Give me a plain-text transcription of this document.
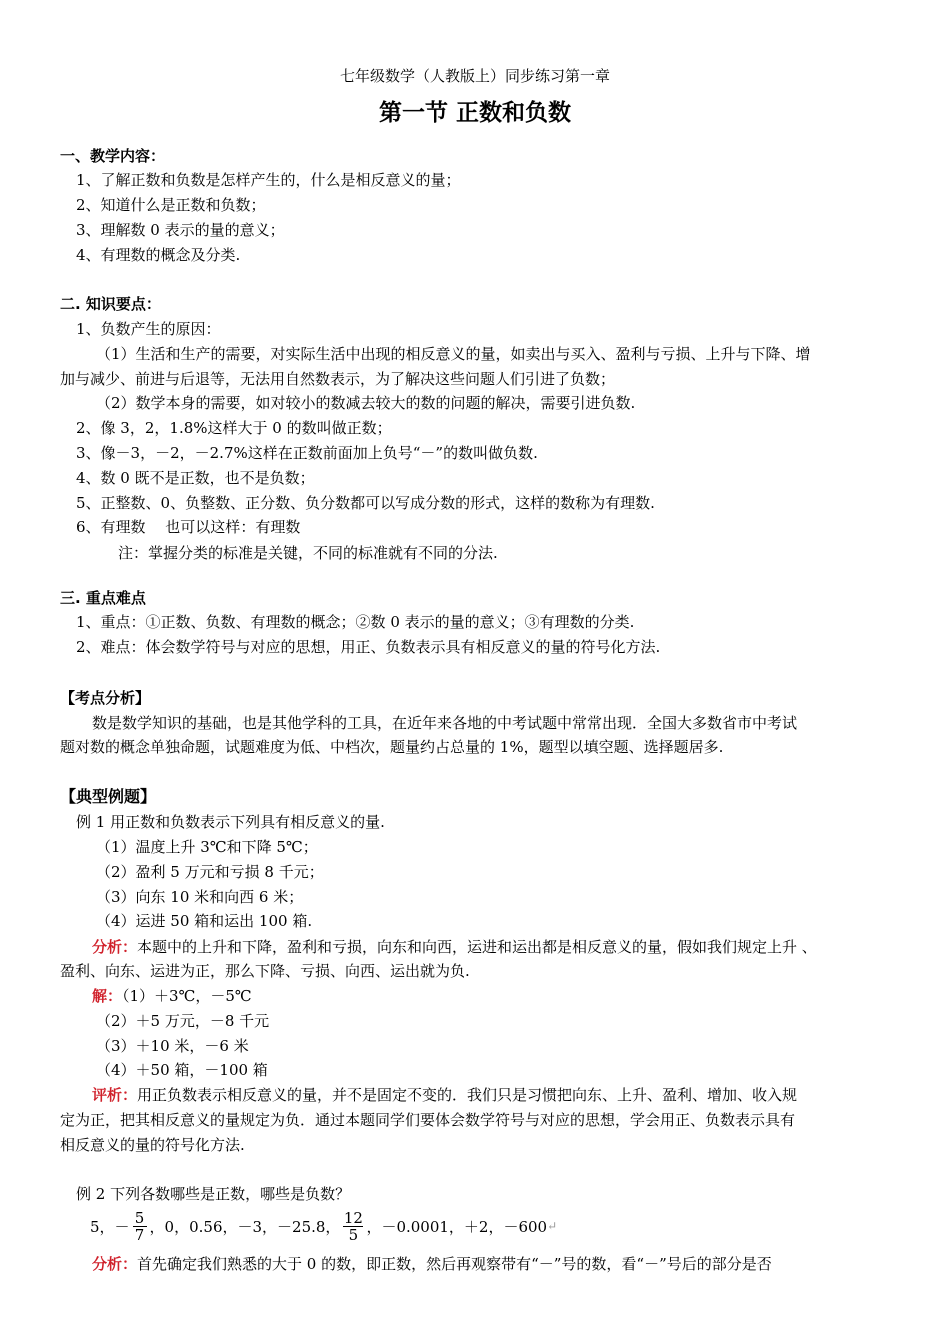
七年级数学（人教版上）同步练习第一章
第一节 正数和负数
一、教学内容：
1、了解正数和负数是怎样产生的，什么是相反意义的量；
2、知道什么是正数和负数；
3、理解数 0 表示的量的意义；
4、有理数的概念及分类.
二. 知识要点：
1、负数产生的原因：
（1）生活和生产的需要，对实际生活中出现的相反意义的量，如卖出与买入、盈利与亏损、上升与下降、增
加与减少、前进与后退等，无法用自然数表示，为了解决这些问题人们引进了负数；
（2）数学本身的需要，如对较小的数减去较大的数的问题的解决，需要引进负数.
2、像 3，2，1.8%这样大于 0 的数叫做正数；
3、像－3，－2，－2.7%这样在正数前面加上负号“－”的数叫做负数.
4、数 0 既不是正数，也不是负数；
5、正整数、0、负整数、正分数、负分数都可以写成分数的形式，这样的数称为有理数.
6、有理数　 也可以这样：有理数
注：掌握分类的标准是关键，不同的标准就有不同的分法.
三. 重点难点
1、重点：①正数、负数、有理数的概念；②数 0 表示的量的意义；③有理数的分类.
2、难点：体会数学符号与对应的思想，用正、负数表示具有相反意义的量的符号化方法.
【考点分析】
数是数学知识的基础，也是其他学科的工具，在近年来各地的中考试题中常常出现．全国大多数省市中考试
题对数的概念单独命题，试题难度为低、中档次，题量约占总量的 1%，题型以填空题、选择题居多.
【典型例题】
例 1 用正数和负数表示下列具有相反意义的量.
（1）温度上升 3℃和下降 5℃；
（2）盈利 5 万元和亏损 8 千元；
（3）向东 10 米和向西 6 米；
（4）运进 50 箱和运出 100 箱.
分析：本题中的上升和下降，盈利和亏损，向东和向西，运进和运出都是相反意义的量，假如我们规定上升 、
盈利、向东、运进为正，那么下降、亏损、向西、运出就为负.
解：（1）＋3℃，－5℃
（2）＋5 万元，－8 千元
（3）＋10 米，－6 米
（4）＋50 箱，－100 箱
评析：用正负数表示相反意义的量，并不是固定不变的．我们只是习惯把向东、上升、盈利、增加、收入规
定为正，把其相反意义的量规定为负．通过本题同学们要体会数学符号与对应的思想，学会用正、负数表示具有
相反意义的量的符号化方法.
例 2 下列各数哪些是正数，哪些是负数？
5，－ $\frac{5}{7}$ ，0，0.56，－3，－25.8， $\frac{12}{5}$ ，－0.0001，＋2，－600 ↵
分析：首先确定我们熟悉的大于 0 的数，即正数，然后再观察带有“－”号的数，看“－”号后的部分是否
